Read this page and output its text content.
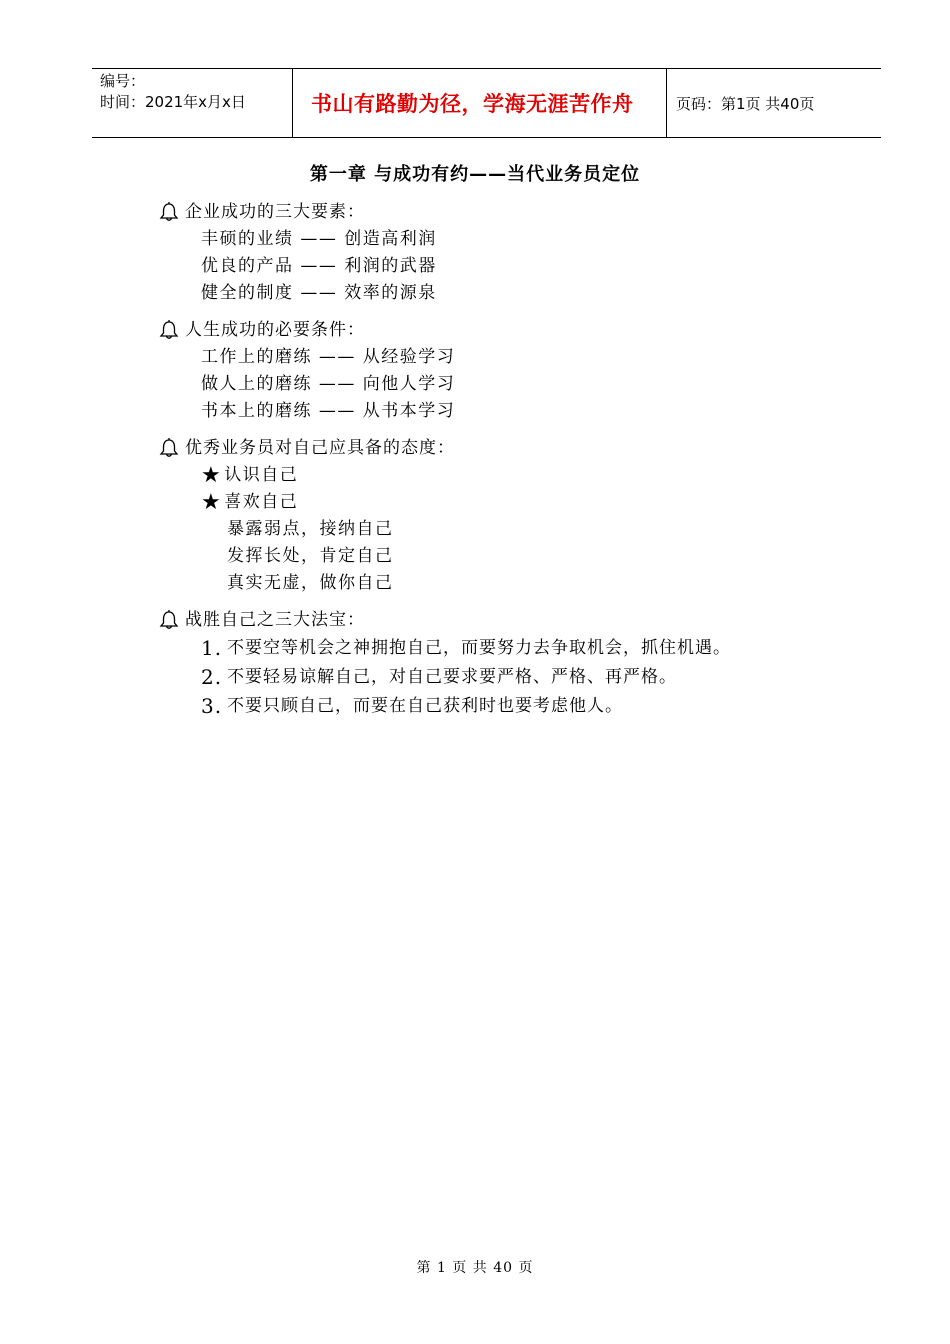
编号：
时间：2021年x月x日	书山有路勤为径，学海无涯苦作舟	页码：第1页 共40页
第一章 与成功有约——当代业务员定位
企业成功的三大要素：
丰硕的业绩 —— 创造高利润
优良的产品 —— 利润的武器
健全的制度 —— 效率的源泉
人生成功的必要条件：
工作上的磨练 —— 从经验学习
做人上的磨练 —— 向他人学习
书本上的磨练 —— 从书本学习
优秀业务员对自己应具备的态度：
★ 认识自己
★ 喜欢自己
暴露弱点，接纳自己
发挥长处，肯定自己
真实无虚，做你自己
战胜自己之三大法宝：
1. 不要空等机会之神拥抱自己，而要努力去争取机会，抓住机遇。
2. 不要轻易谅解自己，对自己要求要严格、严格、再严格。
3. 不要只顾自己，而要在自己获利时也要考虑他人。
第 1 页 共 40 页
